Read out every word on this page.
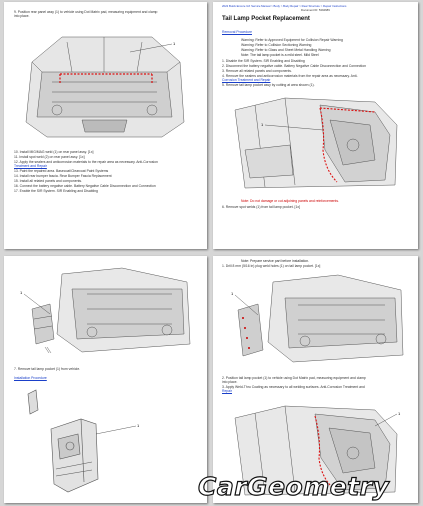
9. Position rear panel assy (1) to vehicle using Dot Matrix pad, measuring equipment and clamp
into place.
1
10. Install MIG/MAG weld (1) on rear panel assy. [1x]
11. Install spot weld (2) on rear panel assy. [1x]
12. Apply the sealers and anticorrosion materials to the repair area as necessary. Anti-Corrosion
Treatment and Repair
13. Paint the repaired area. Basecoat/Clearcoat Paint Systems
14. Install rear bumper fascia. Rear Bumper Fascia Replacement
15. Install all related panels and components.
16. Connect the battery negative cable. Battery Negative Cable Disconnection and Connection
17. Enable the SIR System. SIR Enabling and Disabling
2022 Buick Encore GX Service Manual > Body > Body Repair > Rear Structure > Repair Instructions
Document ID: 5394689
Tail Lamp Pocket Replacement
Removal Procedure
Warning: Refer to Approved Equipment for Collision Repair Warning
Warning: Refer to Collision Sectioning Warning
Warning: Refer to Glass and Sheet Metal Handling Warning
Note: The tail lamp pocket is a mild steel. Mild Steel
1. Disable the SIR System. SIR Enabling and Disabling
2. Disconnect the battery negative cable. Battery Negative Cable Disconnection and Connection
3. Remove all related panels and components.
4. Remove the sealers and anticorrosion materials from the repair area as necessary. Anti-
Corrosion Treatment and Repair
5. Remove tail lamp pocket assy by cutting at area shown (1).
1
Note: Do not damage or cut adjoining panels and reinforcements.
6. Remove spot welds (1) from tail lamp pocket. [1x]
1
7. Remove tail lamp pocket (1) from vehicle.
Installation Procedure
1
Note: Prepare service part before installation.
1. Drill 8 mm (5/16 in) plug weld holes (1) on tail lamp pocket. [1x]
1
2. Position tail lamp pocket (1) to vehicle using Dot Matrix pad, measuring equipment and clamp
into place.
3. Apply Weld-Thru Coating as necessary to all welding surfaces. Anti-Corrosion Treatment and
Repair
1
CarGeometry
